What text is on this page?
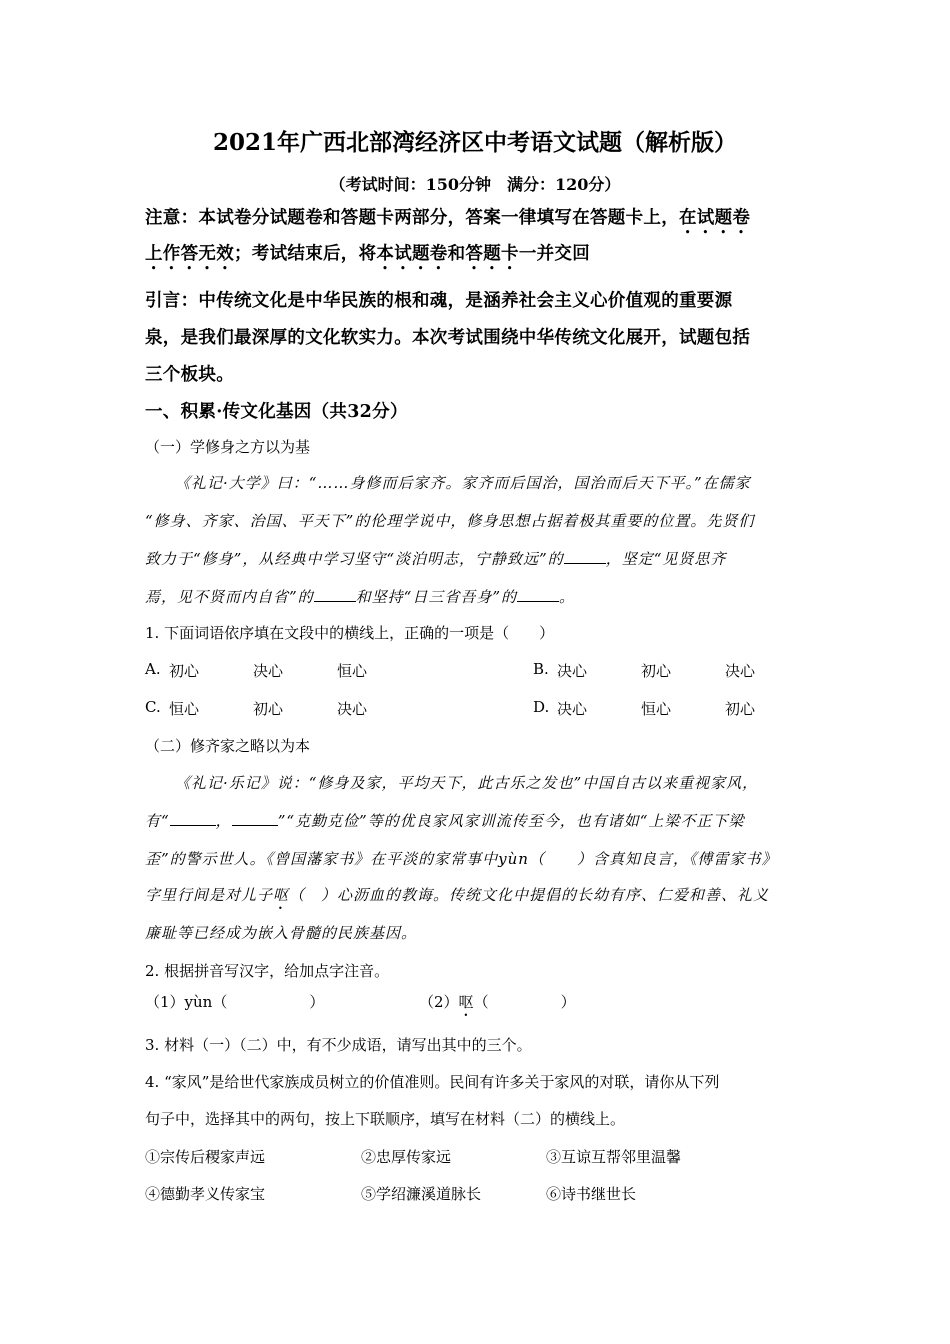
2021年广西北部湾经济区中考语文试题（解析版）
（考试时间：150分钟　满分：120分）
注意：本试卷分试题卷和答题卡两部分，答案一律填写在答题卡上，在试题卷
上作答无效；考试结束后，将本试题卷和答题卡一并交回
引言：中传统文化是中华民族的根和魂，是涵养社会主义心价值观的重要源
泉，是我们最深厚的文化软实力。本次考试围绕中华传统文化展开，试题包括
三个板块。
一、积累·传文化基因（共32分）
（一）学修身之方以为基
《礼记·大学》曰：“……身修而后家齐。家齐而后国治，国治而后天下平。”在儒家
“修身、齐家、治国、平天下”的伦理学说中，修身思想占据着极其重要的位置。先贤们
致力于“修身”，从经典中学习坚守“淡泊明志，宁静致远”的	，坚定“见贤思齐
焉，见不贤而内自省”的	和坚持“日三省吾身”的	。
1. 下面词语依序填在文段中的横线上，正确的一项是（　　）
A. 初心	决心	恒心	B. 决心	初心	决心
C. 恒心	初心	决心	D. 决心	恒心	初心
（二）修齐家之略以为本
《礼记·乐记》说：“修身及家，平均天下，此古乐之发也”中国自古以来重视家风，
有“	，	”“克勤克俭”等的优良家风家训流传至今，也有诸如“上梁不正下梁
歪”的警示世人。《曾国藩家书》在平淡的家常事中yùn（　　）含真知良言，《傅雷家书》
字里行间是对儿子呕（　）心沥血的教诲。传统文化中提倡的长幼有序、仁爱和善、礼义
廉耻等已经成为嵌入骨髓的民族基因。
2. 根据拼音写汉字，给加点字注音。
（1）yùn（	）	（2）呕（	）
3. 材料（一）（二）中，有不少成语，请写出其中的三个。
4. “家风”是给世代家族成员树立的价值准则。民间有许多关于家风的对联，请你从下列
句子中，选择其中的两句，按上下联顺序，填写在材料（二）的横线上。
①宗传后稷家声远	②忠厚传家远	③互谅互帮邻里温馨
④德勤孝义传家宝	⑤学绍濂溪道脉长	⑥诗书继世长
